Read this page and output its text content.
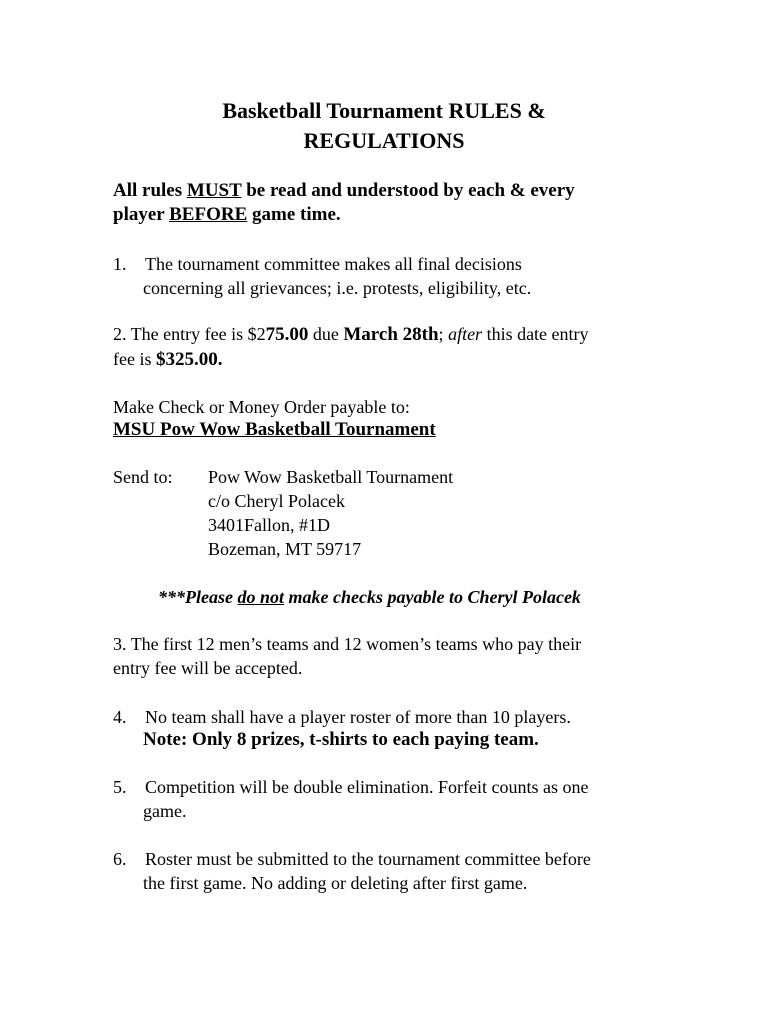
Basketball Tournament RULES &
REGULATIONS
All rules MUST be read and understood by each & every
player BEFORE game time.
1. The tournament committee makes all final decisions
concerning all grievances; i.e. protests, eligibility, etc.
2. The entry fee is $275.00 due March 28th; after this date entry
fee is $325.00.
Make Check or Money Order payable to:
MSU Pow Wow Basketball Tournament
Send to: Pow Wow Basketball Tournament
c/o Cheryl Polacek
3401Fallon, #1D
Bozeman, MT 59717
***Please do not make checks payable to Cheryl Polacek
3. The first 12 men’s teams and 12 women’s teams who pay their
entry fee will be accepted.
4. No team shall have a player roster of more than 10 players.
Note: Only 8 prizes, t-shirts to each paying team.
5. Competition will be double elimination. Forfeit counts as one
game.
6. Roster must be submitted to the tournament committee before
the first game. No adding or deleting after first game.
